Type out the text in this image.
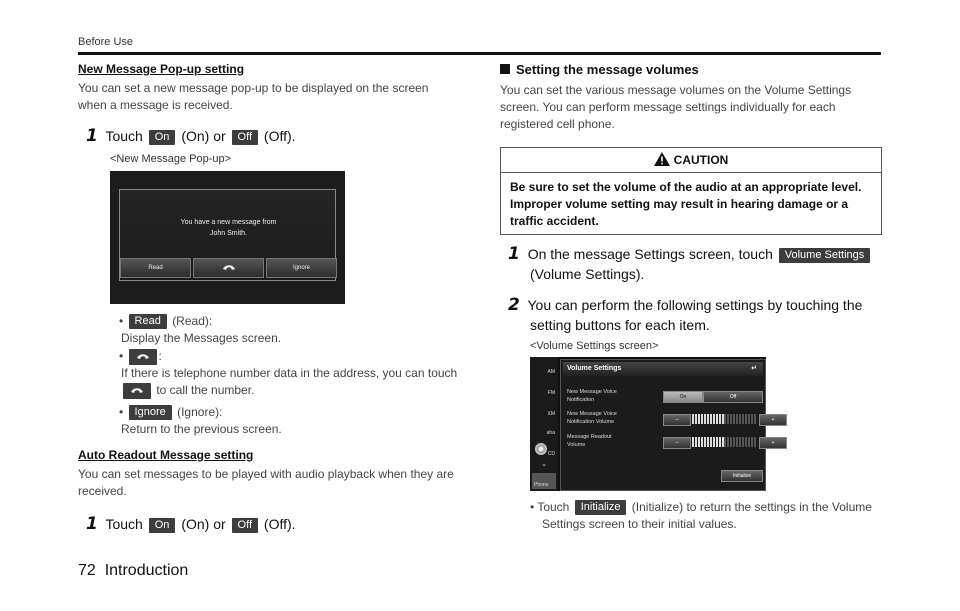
Before Use
New Message Pop-up setting
You can set a new message pop-up to be displayed on the screen
when a message is received.
1 Touch On (On) or Off (Off).
<New Message Pop-up>
You have a new message from
John Smith.
Read	Ignore
• Read (Read):
Display the Messages screen.
•	:
If there is telephone number data in the address, you can touch
to call the number.
• Ignore (Ignore):
Return to the previous screen.
Auto Readout Message setting
You can set messages to be played with audio playback when they are
received.
1 Touch On (On) or Off (Off).
Setting the message volumes
You can set the various message volumes on the Volume Settings
screen. You can perform message settings individually for each
registered cell phone.
CAUTION
Be sure to set the volume of the audio at an appropriate level.
Improper volume setting may result in hearing damage or a
traffic accident.
1 On the message Settings screen, touch Volume Settings
(Volume Settings).
2 You can perform the following settings by touching the
setting buttons for each item.
<Volume Settings screen>
AM
FM
XM
aha
CD
⌄
Phone
Volume Settings	↵
New Message Voice
Notification	On	Off
New Message Voice
Notification Volume	–	+
Message Readout
Volume	–	+
Initialize
• Touch Initialize (Initialize) to return the settings in the Volume
Settings screen to their initial values.
72 Introduction
